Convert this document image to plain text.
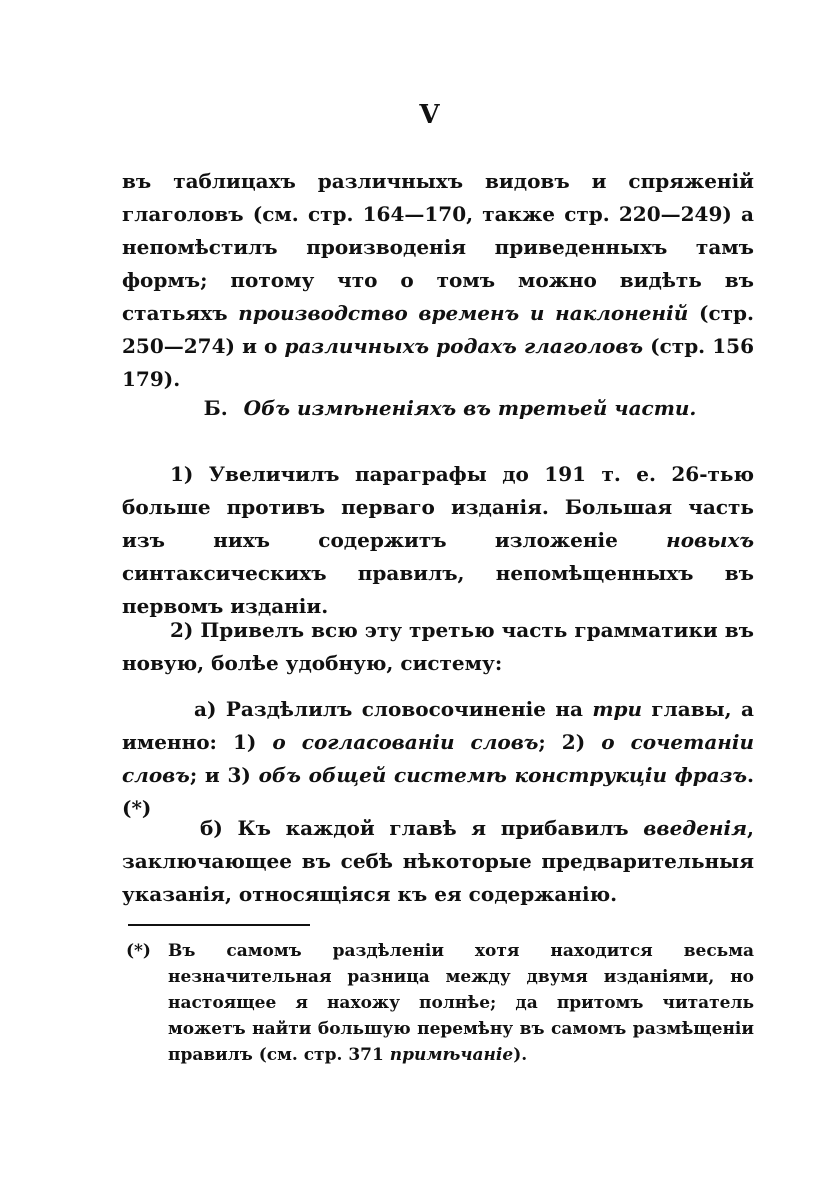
V
въ таблицахъ различныхъ видовъ и спряженій глаголовъ (см. стр. 164—170, также стр. 220—249) а непомѣстилъ производенія приведенныхъ тамъ формъ; потому что о томъ можно видѣть въ статьяхъ производство временъ и наклоненій (стр. 250—274) и о различныхъ родахъ глаголовъ (стр. 156 179).
Б. Объ измѣненіяхъ въ третьей части.
1) Увеличилъ параграфы до 191 т. е. 26-тью больше противъ перваго изданія. Большая часть изъ нихъ содержитъ изложеніе новыхъ синтаксическихъ правилъ, непомѣщенныхъ въ первомъ изданіи.
2) Привелъ всю эту третью часть грамматики въ новую, болѣе удобную, систему:
а) Раздѣлилъ словосочиненіе на три главы, а именно: 1) о согласованіи словъ; 2) о сочетаніи словъ; и 3) объ общей системѣ конструкціи фразъ. (*)
б) Къ каждой главѣ я прибавилъ введенія, заключающее въ себѣ нѣкоторые предварительныя указанія, относящіяся къ ея содержанію.
(*) Въ самомъ раздѣленіи хотя находится весьма незначительная разница между двумя изданіями, но настоящее я нахожу полнѣе; да притомъ читатель можетъ найти большую перемѣну въ самомъ размѣщеніи правилъ (см. стр. 371 примѣчаніе).
